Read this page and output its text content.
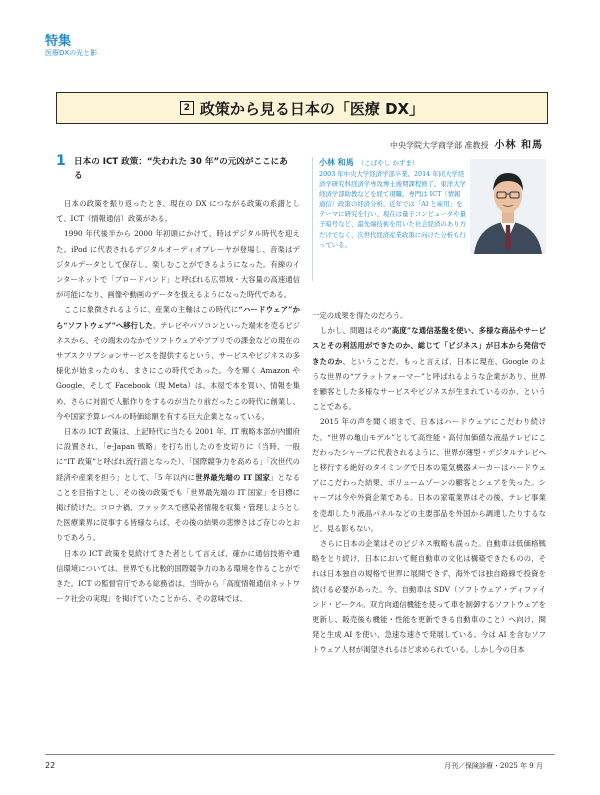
特集
医療DXの光と影
2 政策から見る日本の「医療 DX」
中央学院大学商学部 准教授 小林 和馬
1 日本の ICT 政策：“失われた 30 年”の元凶がここにある
小林 和馬 （こばやし かずま）
2003 年中央大学経済学部卒業。2014 年同大学経済学研究科経済学専攻博士後期課程修了。東洋大学経済学部助教などを経て現職。専門は ICT（情報通信）政策の経済分析。近年では「AI と雇用」をテーマに研究を行い、現在は量子コンピュータや量子暗号など、最先端技術を用いた社会経済のあり方だけでなく、次世代経済産業政策に向けた分析も行っている。

日本の政策を振り返ったとき、現在の DX につながる政策の系譜として、ICT（情報通信）政策がある。

1990 年代後半から 2000 年初頭にかけて、時はデジタル時代を迎えた。iPod に代表されるデジタルオーディオプレーヤが登場し、音楽はデジタルデータとして保存し、楽しむことができるようになった。有線のインターネットで「ブロードバンド」と呼ばれる広帯域・大容量の高速通信が可能になり、画像や動画のデータを扱えるようになった時代である。

ここに象徴されるように、産業の主軸はこの時代に“ハードウェア”から“ソフトウェア”へ移行した。テレビやパソコンといった端末を売るビジネスから、その端末のなかでソフトウェアやアプリでの課金などの現在のサブスクリプションサービスを提供するという、サービスやビジネスの多様化が始まったのも、まさにこの時代であった。今を輝く Amazon や Google、そして Facebook（現 Meta）は、本屋で本を買い、情報を集め、さらに対面で人脈作りをするのが当たり前だったこの時代に創業し、今や国家予算レベルの時価総額を有する巨大企業となっている。

日本の ICT 政策は、上記時代に当たる 2001 年、IT 戦略本部が内閣府に設置され、「e-Japan 戦略」を打ち出したのを皮切りに（当時、一般に“IT 政策”と呼ばれ流行語となった）、「国際競争力を高める」「次世代の経済や産業を担う」として、「5 年以内に世界最先端の IT 国家」となることを目指すとし、その後の政策でも「世界最先端の IT 国家」を目標に掲げ続けた。コロナ禍、ファックスで感染者情報を収集・管理しようとした医療業界に従事する皆様ならば、その後の結果の悲惨さはご存じのとおりであろう。

日本の ICT 政策を見続けてきた者として言えば、確かに通信技術や通信環境については、世界でも比較的国際競争力のある環境を作ることができた。ICT の監督官庁である総務省は、当時から「高度情報通信ネットワーク社会の実現」を掲げていたことから、その意味では、

一定の成果を得たのだろう。

しかし、問題はその“高度”な通信基盤を使い、多様な商品やサービスとその利活用ができたのか、総じて「ビジネス」が日本から発信できたのか、ということだ。もっと言えば、日本に現在、Google のような世界の“プラットフォーマー”と呼ばれるような企業があり、世界を顧客とした多様なサービスやビジネスが生まれているのか、ということである。

2015 年の声を聞く頃まで、日本はハードウェアにこだわり続けた。“世界の亀山モデル”として高性能・高付加価値な液晶テレビにこだわったシャープに代表されるように、世界が薄型・デジタルテレビへと移行する絶好のタイミングで日本の電気機器メーカーはハードウェアにこだわった結果、ボリュームゾーンの顧客とシェアを失った。シャープは今や外資企業である。日本の家電業界はその後、テレビ事業を売却したり液晶パネルなどの主要部品を外国から調達したりするなど、見る影もない。

さらに日本の企業はそのビジネス戦略も誤った。自動車は低価格戦略をとり続け、日本において軽自動車の文化は構築できたものの、それは日本独自の規格で世界に展開できず、海外では独自路線で投資を続ける必要があった。今、自動車は SDV（ソフトウェア・ディファインド・ビークル。双方向通信機能を使って車を制御するソフトウェアを更新し、販売後も機能・性能を更新できる自動車のこと）へ向け、開発と生成 AI を使い、急速な速さで発展している。今は AI を含むソフトウェア人材が渇望されるほど求められている。しかし今の日本

22	月刊／保険診療・2025 年 9 月
